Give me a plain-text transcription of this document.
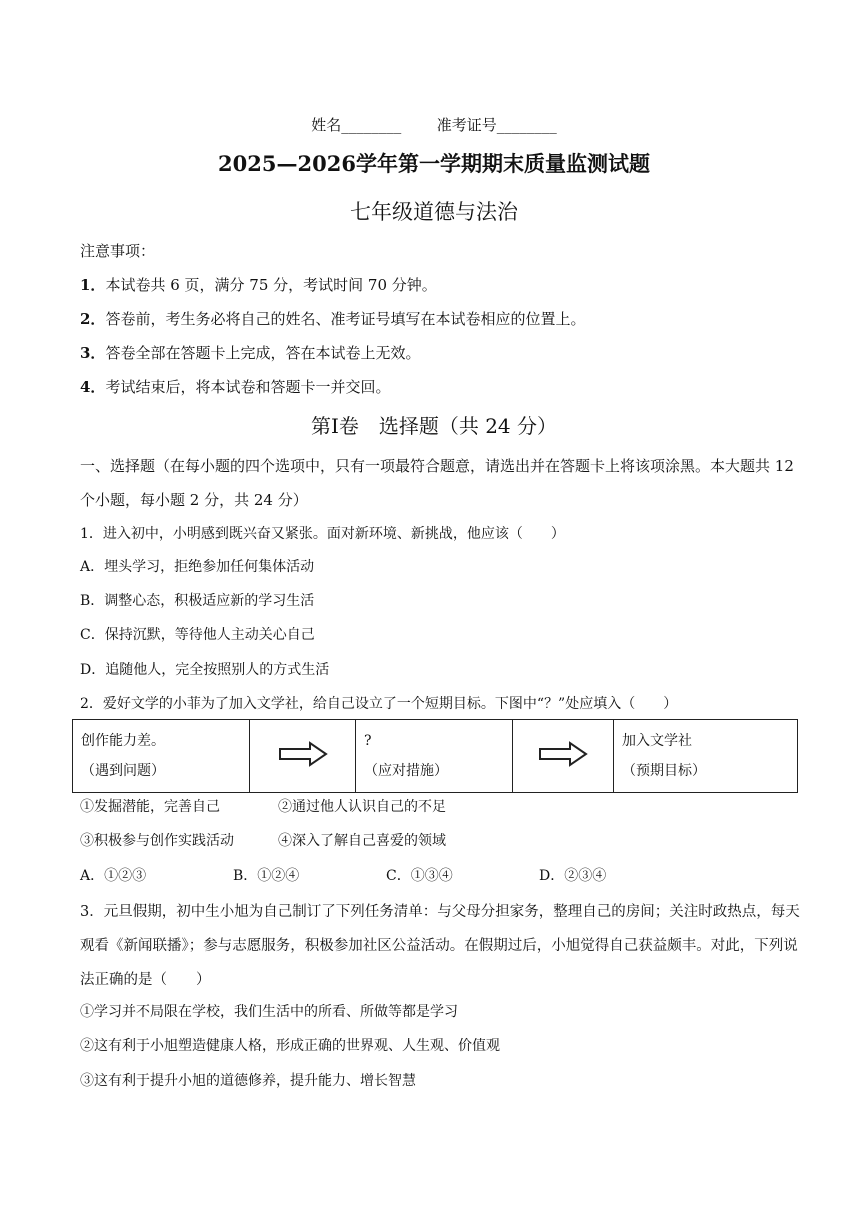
姓名________ 准考证号________
2025—2026学年第一学期期末质量监测试题
七年级道德与法治
注意事项：
1．本试卷共 6 页，满分 75 分，考试时间 70 分钟。
2．答卷前，考生务必将自己的姓名、准考证号填写在本试卷相应的位置上。
3．答卷全部在答题卡上完成，答在本试卷上无效。
4．考试结束后，将本试卷和答题卡一并交回。
第Ⅰ卷　选择题（共 24 分）
一、选择题（在每小题的四个选项中，只有一项最符合题意，请选出并在答题卡上将该项涂黑。本大题共 12 个小题，每小题 2 分，共 24 分）
1．进入初中，小明感到既兴奋又紧张。面对新环境、新挑战，他应该（　　）
A．埋头学习，拒绝参加任何集体活动
B．调整心态，积极适应新的学习生活
C．保持沉默，等待他人主动关心自己
D．追随他人，完全按照别人的方式生活
2．爱好文学的小菲为了加入文学社，给自己设立了一个短期目标。下图中“？”处应填入（　　）
创作能力差。
（遇到问题）

?
（应对措施）

加入文学社
（预期目标）
①发掘潜能，完善自己	②通过他人认识自己的不足
③积极参与创作实践活动	④深入了解自己喜爱的领域
A．①②③	B．①②④	C．①③④	D．②③④
3．元旦假期，初中生小旭为自己制订了下列任务清单：与父母分担家务，整理自己的房间；关注时政热点，每天观看《新闻联播》；参与志愿服务，积极参加社区公益活动。在假期过后，小旭觉得自己获益颇丰。对此，下列说法正确的是（　　）
①学习并不局限在学校，我们生活中的所看、所做等都是学习
②这有利于小旭塑造健康人格，形成正确的世界观、人生观、价值观
③这有利于提升小旭的道德修养，提升能力、增长智慧
